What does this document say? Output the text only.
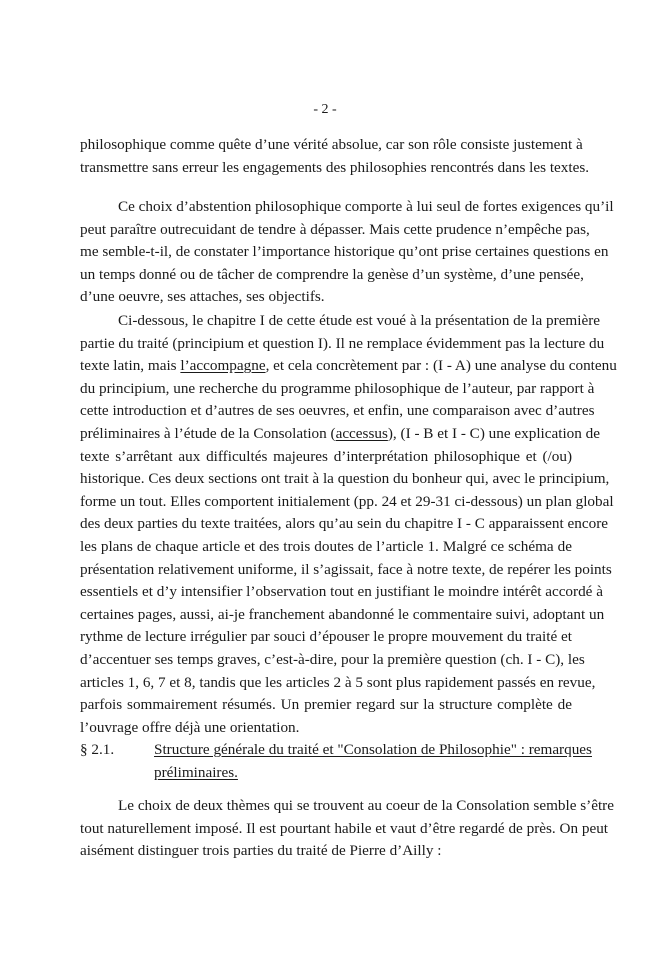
- 2 -
philosophique comme quête d’une vérité absolue, car son rôle consiste justement à
transmettre sans erreur les engagements des philosophies rencontrés dans les textes.
Ce choix d’abstention philosophique comporte à lui seul de fortes exigences qu’il
peut paraître outrecuidant de tendre à dépasser. Mais cette prudence n’empêche pas,
me semble-t-il, de constater l’importance historique qu’ont prise certaines questions en
un temps donné ou de tâcher de comprendre la genèse d’un système, d’une pensée,
d’une oeuvre, ses attaches, ses objectifs.
Ci-dessous, le chapitre I de cette étude est voué à la présentation de la première
partie du traité (principium et question I). Il ne remplace évidemment pas la lecture du
texte latin, mais l’accompagne, et cela concrètement par : (I - A) une analyse du contenu
du principium, une recherche du programme philosophique de l’auteur, par rapport à
cette introduction et d’autres de ses oeuvres, et enfin, une comparaison avec d’autres
préliminaires à l’étude de la Consolation (accessus), (I - B et I - C) une explication de
texte s’arrêtant aux difficultés majeures d’interprétation philosophique et (/ou)
historique. Ces deux sections ont trait à la question du bonheur qui, avec le principium,
forme un tout. Elles comportent initialement (pp. 24 et 29-31 ci-dessous) un plan global
des deux parties du texte traitées, alors qu’au sein du chapitre I - C apparaissent encore
les plans de chaque article et des trois doutes de l’article 1. Malgré ce schéma de
présentation relativement uniforme, il s’agissait, face à notre texte, de repérer les points
essentiels et d’y intensifier l’observation tout en justifiant le moindre intérêt accordé à
certaines pages, aussi, ai-je franchement abandonné le commentaire suivi, adoptant un
rythme de lecture irrégulier par souci d’épouser le propre mouvement du traité et
d’accentuer ses temps graves, c’est-à-dire, pour la première question (ch. I - C), les
articles 1, 6, 7 et 8, tandis que les articles 2 à 5 sont plus rapidement passés en revue,
parfois sommairement résumés. Un premier regard sur la structure complète de
l’ouvrage offre déjà une orientation.
§ 2.1.	Structure générale du traité et "Consolation de Philosophie" : remarques
préliminaires.
Le choix de deux thèmes qui se trouvent au coeur de la Consolation semble s’être
tout naturellement imposé. Il est pourtant habile et vaut d’être regardé de près. On peut
aisément distinguer trois parties du traité de Pierre d’Ailly :
